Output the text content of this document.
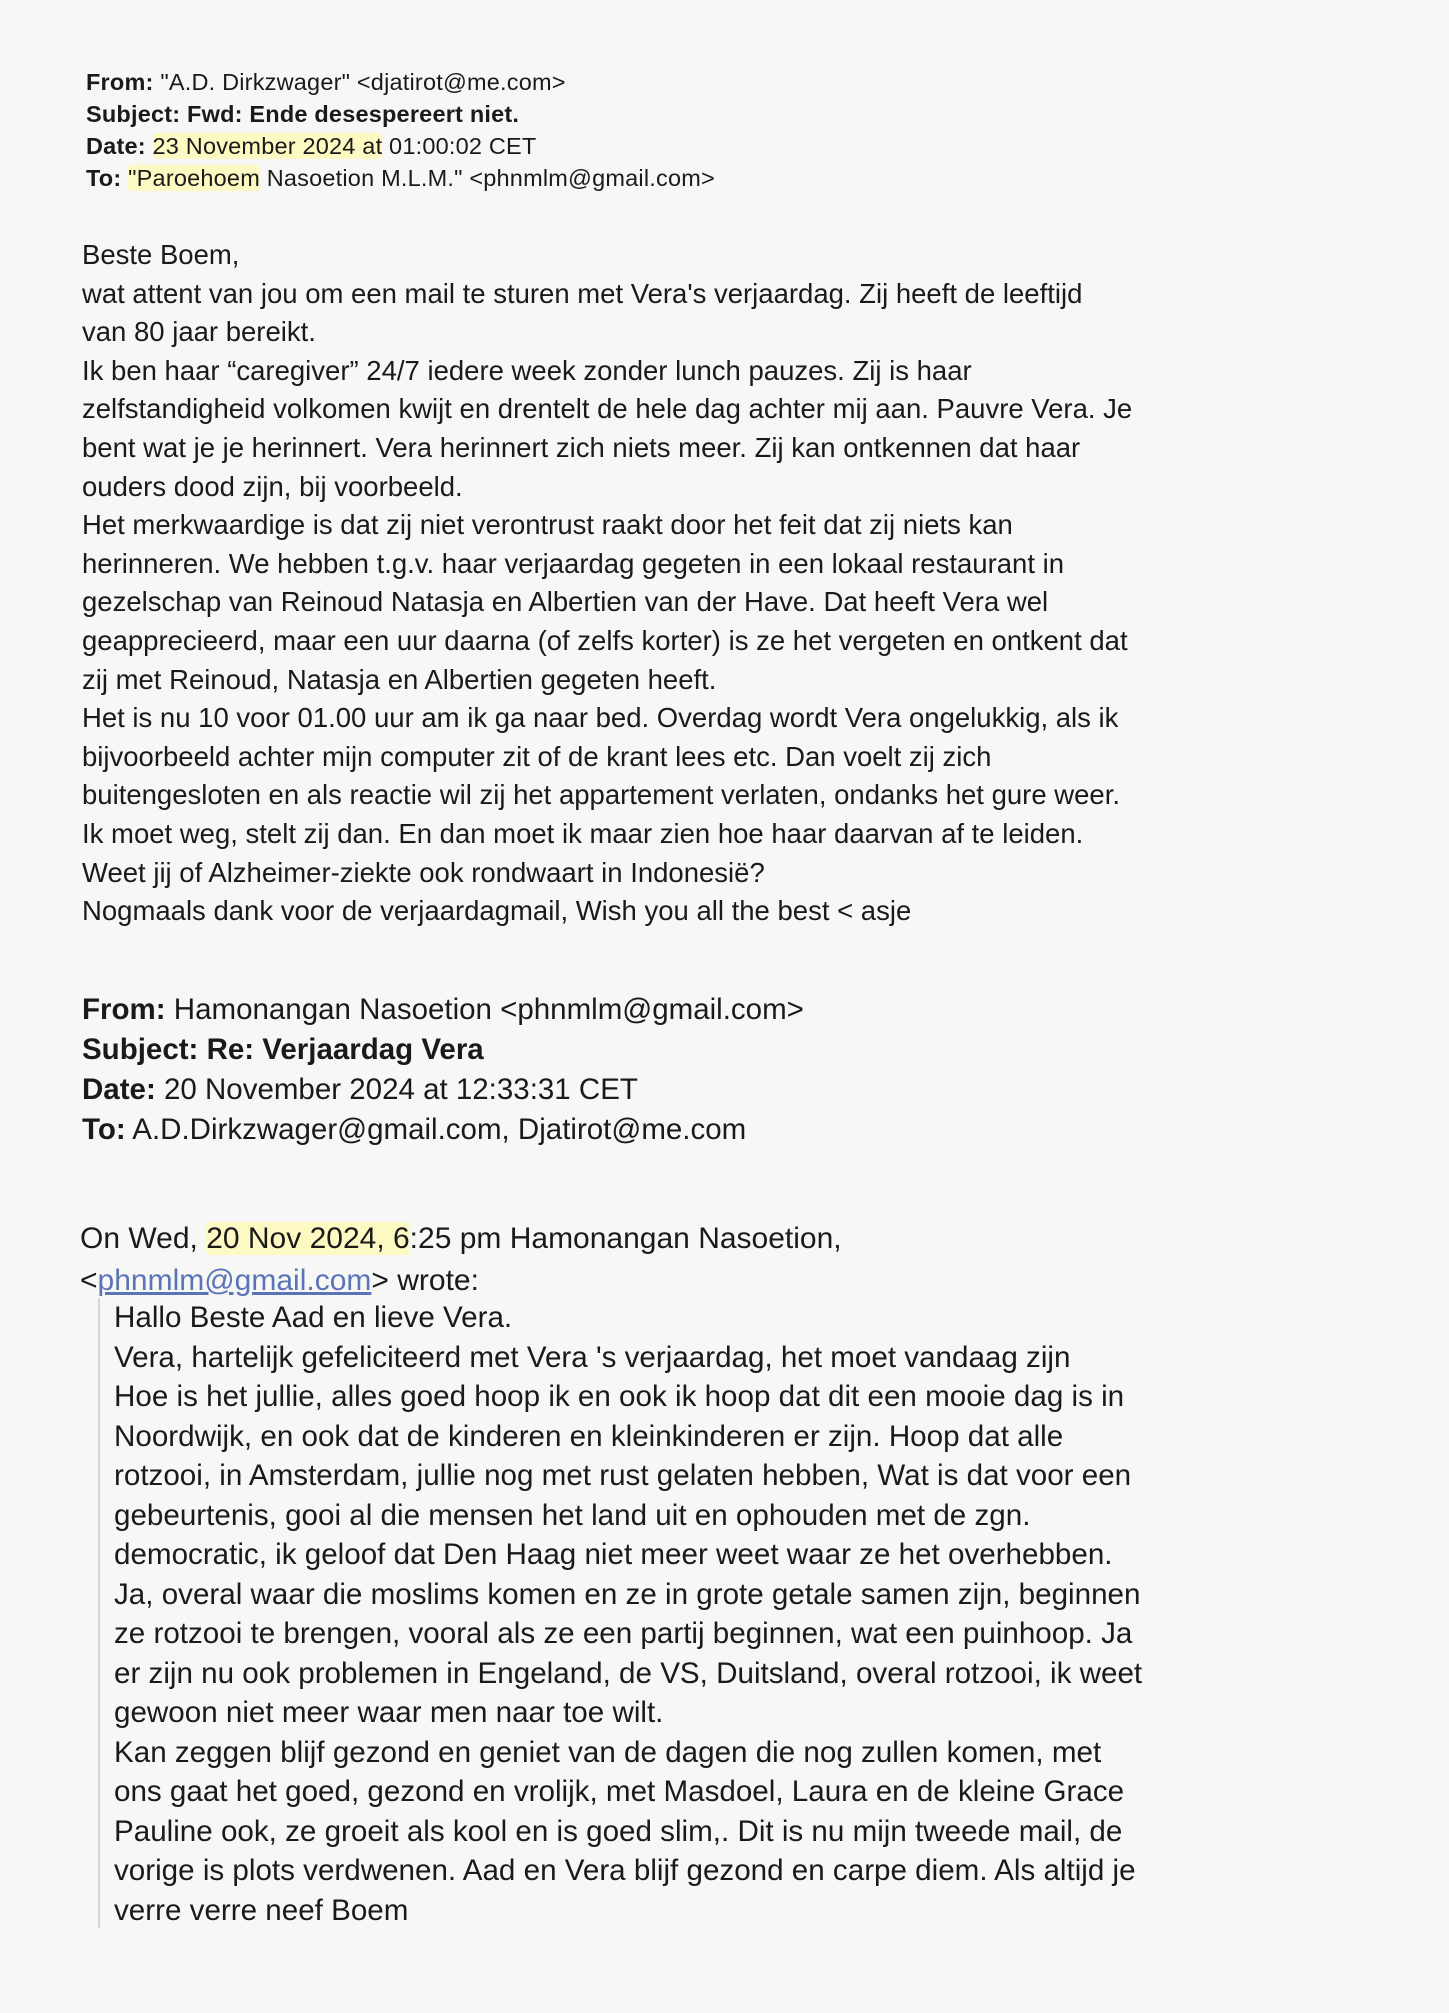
From: "A.D. Dirkzwager" <djatirot@me.com>
Subject: Fwd: Ende desespereert niet.
Date: 23 November 2024 at 01:00:02 CET
To: "Paroehoem Nasoetion M.L.M." <phnmlm@gmail.com>
Beste Boem,
wat attent van jou om een mail te sturen met Vera's verjaardag. Zij heeft de leeftijd
van 80 jaar bereikt.
Ik ben haar “caregiver” 24/7 iedere week zonder lunch pauzes. Zij is haar
zelfstandigheid volkomen kwijt en drentelt de hele dag achter mij aan. Pauvre Vera. Je
bent wat je je herinnert. Vera herinnert zich niets meer. Zij kan ontkennen dat haar
ouders dood zijn, bij voorbeeld.
Het merkwaardige is dat zij niet verontrust raakt door het feit dat zij niets kan
herinneren. We hebben t.g.v. haar verjaardag gegeten in een lokaal restaurant in
gezelschap van Reinoud Natasja en Albertien van der Have. Dat heeft Vera wel
geapprecieerd, maar een uur daarna (of zelfs korter) is ze het vergeten en ontkent dat
zij met Reinoud, Natasja en Albertien gegeten heeft.
Het is nu 10 voor 01.00 uur am ik ga naar bed. Overdag wordt Vera ongelukkig, als ik
bijvoorbeeld achter mijn computer zit of de krant lees etc. Dan voelt zij zich
buitengesloten en als reactie wil zij het appartement verlaten, ondanks het gure weer.
Ik moet weg, stelt zij dan. En dan moet ik maar zien hoe haar daarvan af te leiden.
Weet jij of Alzheimer-ziekte ook rondwaart in Indonesië?
Nogmaals dank voor de verjaardagmail, Wish you all the best < asje
From: Hamonangan Nasoetion <phnmlm@gmail.com>
Subject: Re: Verjaardag Vera
Date: 20 November 2024 at 12:33:31 CET
To: A.D.Dirkzwager@gmail.com, Djatirot@me.com
On Wed, 20 Nov 2024, 6:25 pm Hamonangan Nasoetion,
<phnmlm@gmail.com> wrote:
Hallo Beste Aad en lieve Vera.
Vera, hartelijk gefeliciteerd met Vera 's verjaardag, het moet vandaag zijn
Hoe is het jullie, alles goed hoop ik en ook ik hoop dat dit een mooie dag is in
Noordwijk, en ook dat de kinderen en kleinkinderen er zijn. Hoop dat alle
rotzooi, in Amsterdam, jullie nog met rust gelaten hebben, Wat is dat voor een
gebeurtenis, gooi al die mensen het land uit en ophouden met de zgn.
democratic, ik geloof dat Den Haag niet meer weet waar ze het overhebben.
Ja, overal waar die moslims komen en ze in grote getale samen zijn, beginnen
ze rotzooi te brengen, vooral als ze een partij beginnen, wat een puinhoop. Ja
er zijn nu ook problemen in Engeland, de VS, Duitsland, overal rotzooi, ik weet
gewoon niet meer waar men naar toe wilt.
Kan zeggen blijf gezond en geniet van de dagen die nog zullen komen, met
ons gaat het goed, gezond en vrolijk, met Masdoel, Laura en de kleine Grace
Pauline ook, ze groeit als kool en is goed slim,. Dit is nu mijn tweede mail, de
vorige is plots verdwenen. Aad en Vera blijf gezond en carpe diem. Als altijd je
verre verre neef Boem
